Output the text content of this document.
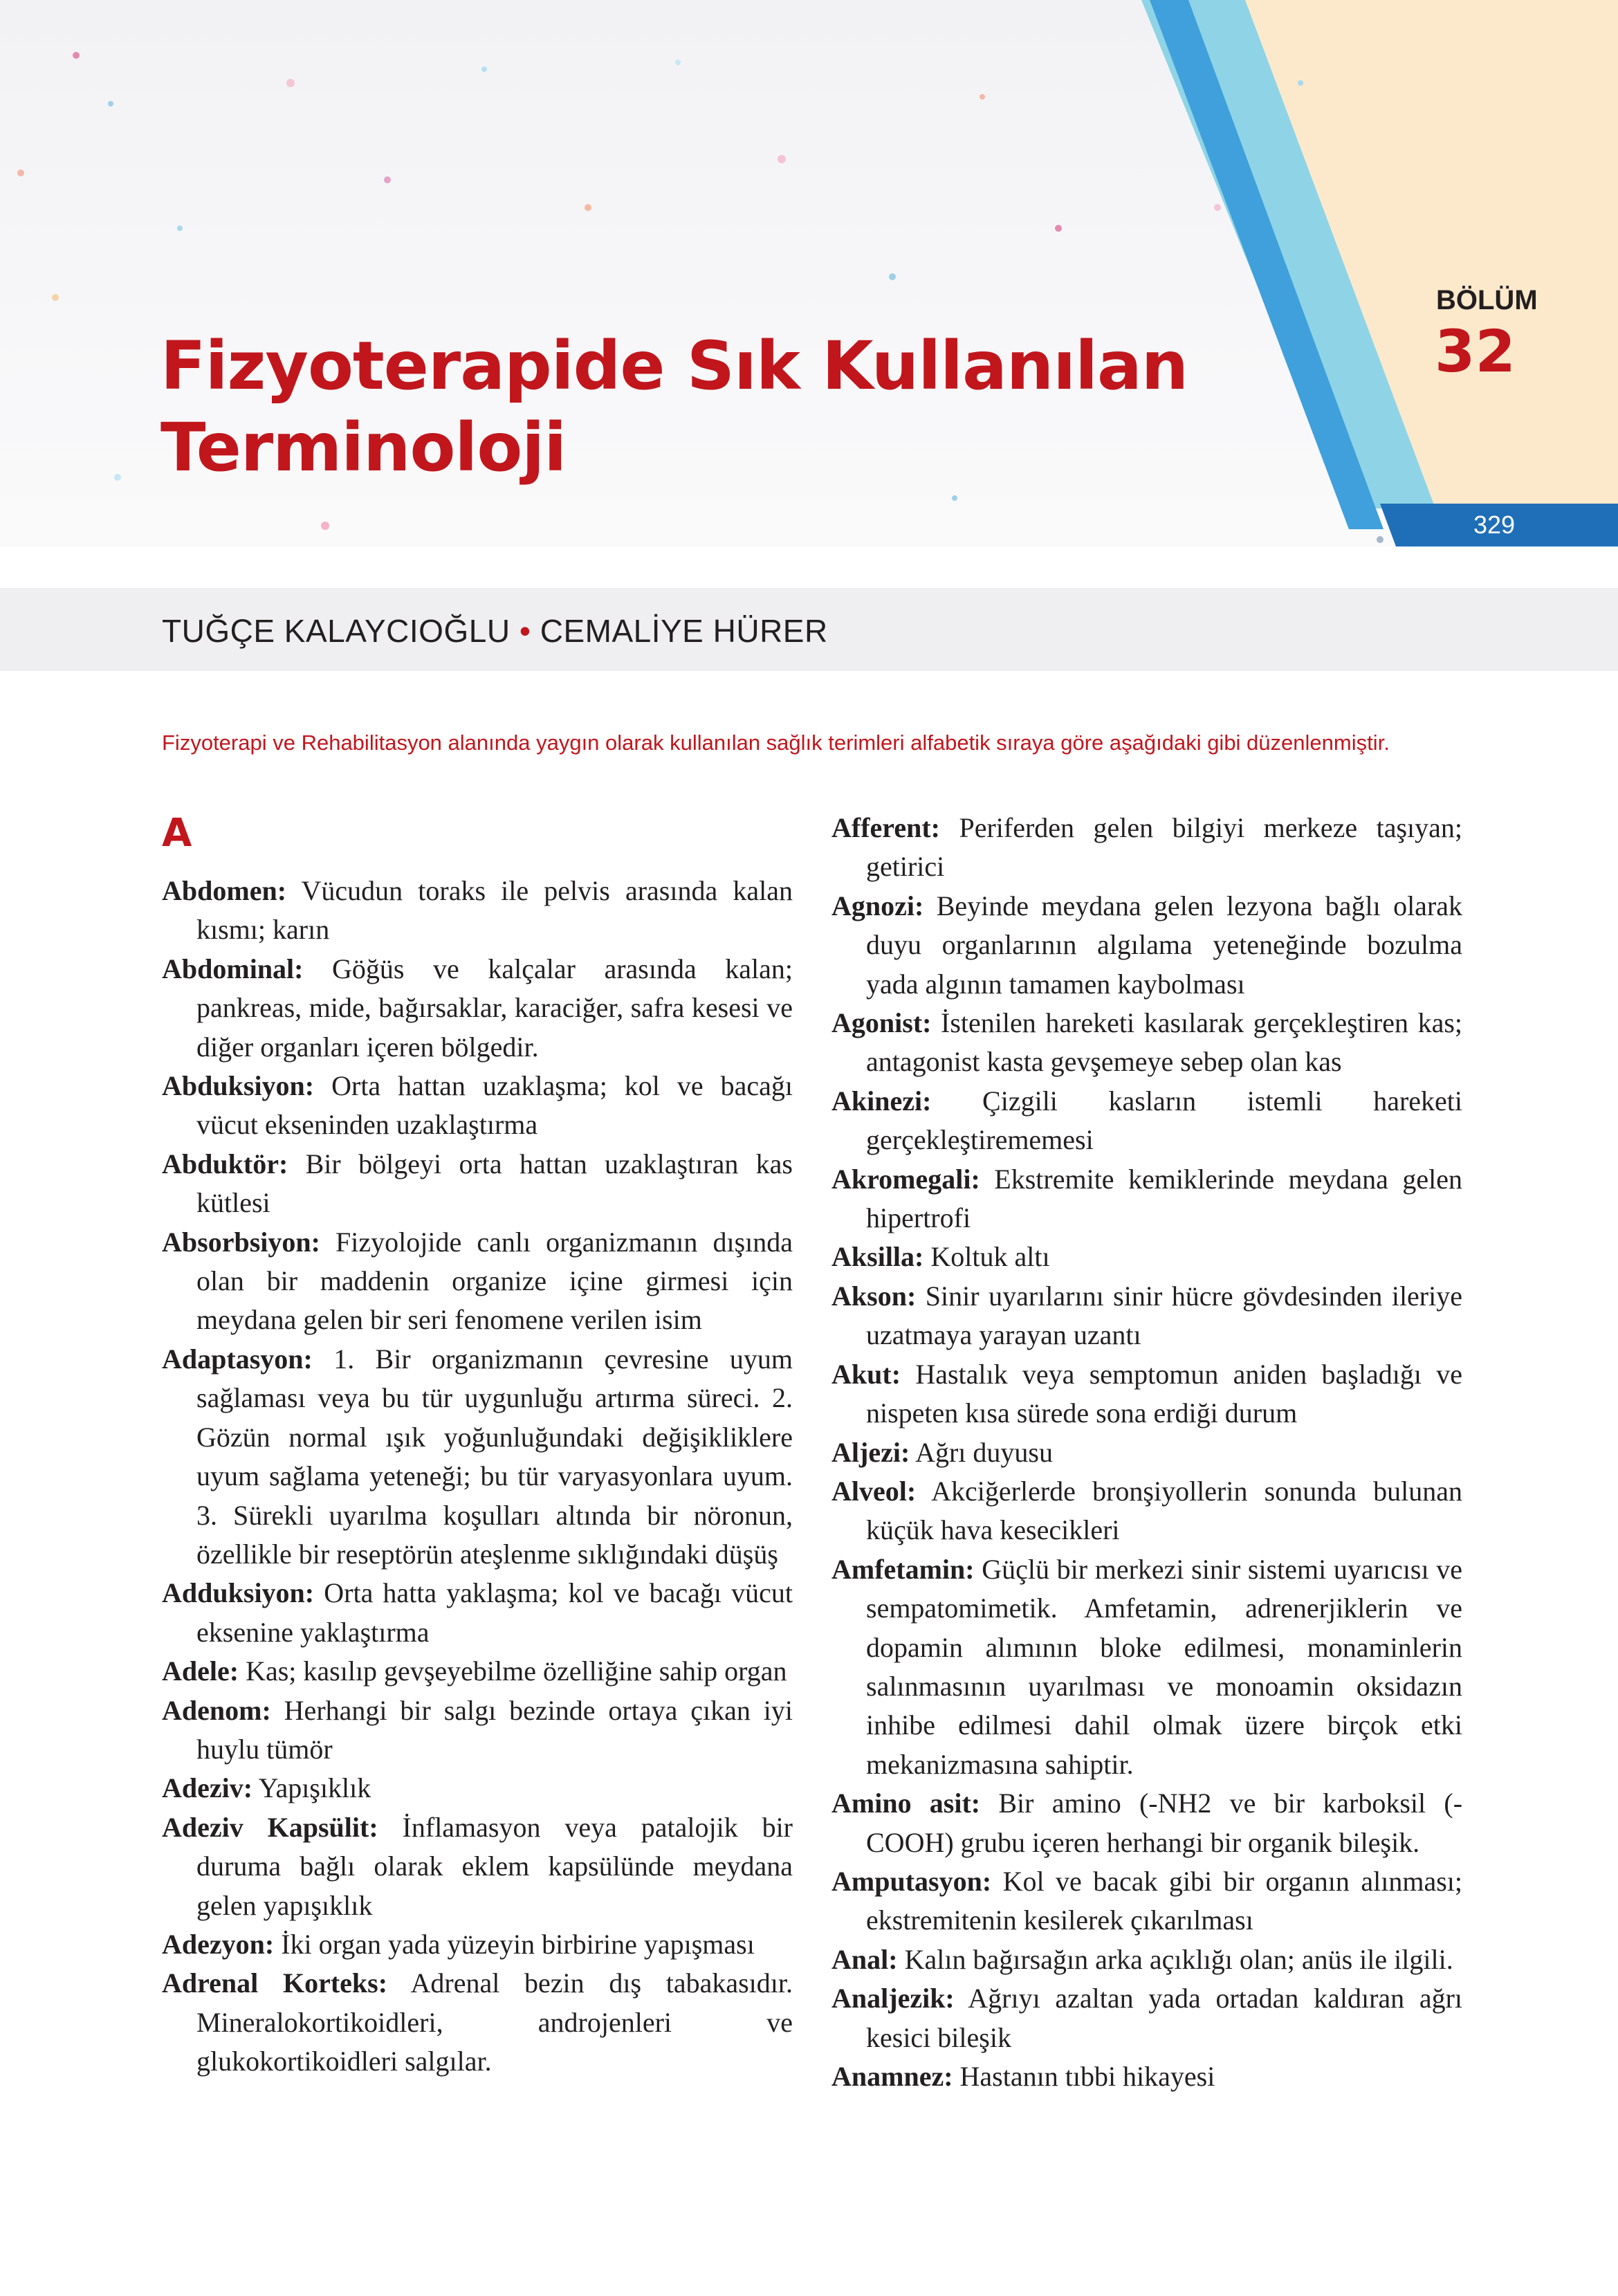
Fizyoterapide Sık Kullanılan Terminoloji
BÖLÜM
32
329

TUĞÇE KALAYCIOĞLU • CEMALİYE HÜRER

Fizyoterapi ve Rehabilitasyon alanında yaygın olarak kullanılan sağlık terimleri alfabetik sıraya göre aşağıdaki gibi düzenlenmiştir.

A

Abdomen: Vücudun toraks ile pelvis arasında kalan kısmı; karın

Abdominal: Göğüs ve kalçalar arasında kalan; pankreas, mide, bağırsaklar, karaciğer, safra kesesi ve diğer organları içeren bölgedir.

Abduksiyon: Orta hattan uzaklaşma; kol ve bacağı vücut ekseninden uzaklaştırma

Abduktör: Bir bölgeyi orta hattan uzaklaştıran kas kütlesi

Absorbsiyon: Fizyolojide canlı organizmanın dışında olan bir maddenin organize içine girmesi için meydana gelen bir seri fenomene verilen isim

Adaptasyon: 1. Bir organizmanın çevresine uyum sağlaması veya bu tür uygunluğu artırma süreci. 2. Gözün normal ışık yoğunluğundaki değişikliklere uyum sağlama yeteneği; bu tür varyasyonlara uyum. 3. Sürekli uyarılma koşulları altında bir nöronun, özellikle bir reseptörün ateşlenme sıklığındaki düşüş

Adduksiyon: Orta hatta yaklaşma; kol ve bacağı vücut eksenine yaklaştırma

Adele: Kas; kasılıp gevşeyebilme özelliğine sahip organ

Adenom: Herhangi bir salgı bezinde ortaya çıkan iyi huylu tümör

Adeziv: Yapışıklık

Adeziv Kapsülit: İnflamasyon veya patalojik bir duruma bağlı olarak eklem kapsülünde meydana gelen yapışıklık

Adezyon: İki organ yada yüzeyin birbirine yapışması

Adrenal Korteks: Adrenal bezin dış tabakasıdır. Mineralokortikoidleri, androjenleri ve glukokortikoidleri salgılar.

Afferent: Periferden gelen bilgiyi merkeze taşıyan; getirici

Agnozi: Beyinde meydana gelen lezyona bağlı olarak duyu organlarının algılama yeteneğinde bozulma yada algının tamamen kaybolması

Agonist: İstenilen hareketi kasılarak gerçekleştiren kas; antagonist kasta gevşemeye sebep olan kas

Akinezi: Çizgili kasların istemli hareketi gerçekleştirememesi

Akromegali: Ekstremite kemiklerinde meydana gelen hipertrofi

Aksilla: Koltuk altı

Akson: Sinir uyarılarını sinir hücre gövdesinden ileriye uzatmaya yarayan uzantı

Akut: Hastalık veya semptomun aniden başladığı ve nispeten kısa sürede sona erdiği durum

Aljezi: Ağrı duyusu

Alveol: Akciğerlerde bronşiyollerin sonunda bulunan küçük hava kesecikleri

Amfetamin: Güçlü bir merkezi sinir sistemi uyarıcısı ve sempatomimetik. Amfetamin, adrenerjiklerin ve dopamin alımının bloke edilmesi, monaminlerin salınmasının uyarılması ve monoamin oksidazın inhibe edilmesi dahil olmak üzere birçok etki mekanizmasına sahiptir.

Amino asit: Bir amino (-NH2 ve bir karboksil (- COOH) grubu içeren herhangi bir organik bileşik.

Amputasyon: Kol ve bacak gibi bir organın alınması; ekstremitenin kesilerek çıkarılması

Anal: Kalın bağırsağın arka açıklığı olan; anüs ile ilgili.

Analjezik: Ağrıyı azaltan yada ortadan kaldıran ağrı kesici bileşik

Anamnez: Hastanın tıbbi hikayesi
